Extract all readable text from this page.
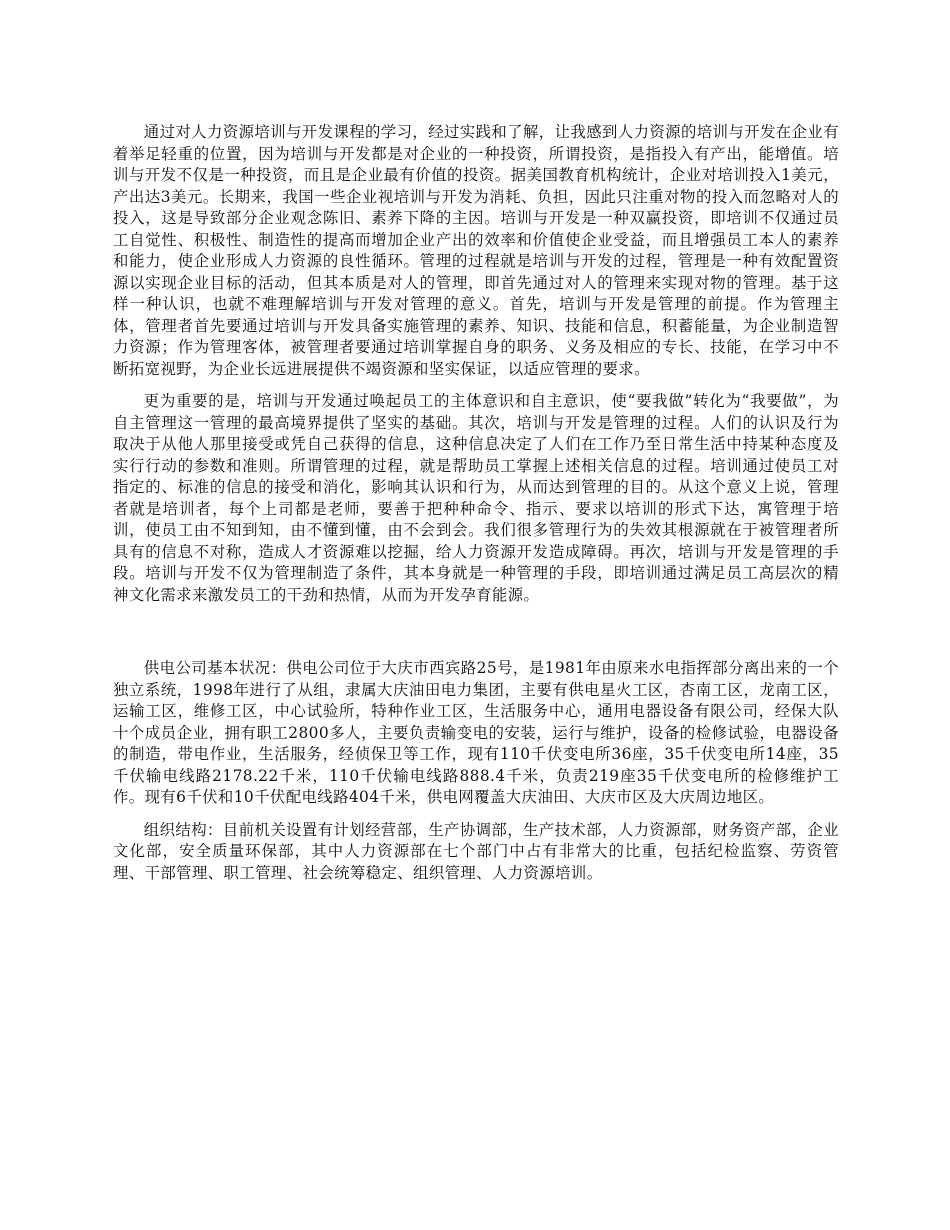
通过对人力资源培训与开发课程的学习，经过实践和了解，让我感到人力资源的培训与开发在企业有着举足轻重的位置，因为培训与开发都是对企业的一种投资，所谓投资，是指投入有产出，能增值。培训与开发不仅是一种投资，而且是企业最有价值的投资。据美国教育机构统计，企业对培训投入1美元，产出达3美元。长期来，我国一些企业视培训与开发为消耗、负担，因此只注重对物的投入而忽略对人的投入，这是导致部分企业观念陈旧、素养下降的主因。培训与开发是一种双赢投资，即培训不仅通过员工自觉性、积极性、制造性的提高而增加企业产出的效率和价值使企业受益，而且增强员工本人的素养和能力，使企业形成人力资源的良性循环。管理的过程就是培训与开发的过程，管理是一种有效配置资源以实现企业目标的活动，但其本质是对人的管理，即首先通过对人的管理来实现对物的管理。基于这样一种认识，也就不难理解培训与开发对管理的意义。首先，培训与开发是管理的前提。作为管理主体，管理者首先要通过培训与开发具备实施管理的素养、知识、技能和信息，积蓄能量，为企业制造智力资源；作为管理客体，被管理者要通过培训掌握自身的职务、义务及相应的专长、技能，在学习中不断拓宽视野，为企业长远进展提供不竭资源和坚实保证，以适应管理的要求。

更为重要的是，培训与开发通过唤起员工的主体意识和自主意识，使“要我做”转化为“我要做”，为自主管理这一管理的最高境界提供了坚实的基础。其次，培训与开发是管理的过程。人们的认识及行为取决于从他人那里接受或凭自己获得的信息，这种信息决定了人们在工作乃至日常生活中持某种态度及实行行动的参数和准则。所谓管理的过程，就是帮助员工掌握上述相关信息的过程。培训通过使员工对指定的、标准的信息的接受和消化，影响其认识和行为，从而达到管理的目的。从这个意义上说，管理者就是培训者，每个上司都是老师，要善于把种种命令、指示、要求以培训的形式下达，寓管理于培训，使员工由不知到知，由不懂到懂，由不会到会。我们很多管理行为的失效其根源就在于被管理者所具有的信息不对称，造成人才资源难以挖掘，给人力资源开发造成障碍。再次，培训与开发是管理的手段。培训与开发不仅为管理制造了条件，其本身就是一种管理的手段，即培训通过满足员工高层次的精神文化需求来激发员工的干劲和热情，从而为开发孕育能源。

供电公司基本状况：供电公司位于大庆市西宾路25号，是1981年由原来水电指挥部分离出来的一个独立系统，1998年进行了从组，隶属大庆油田电力集团，主要有供电星火工区，杏南工区，龙南工区，运输工区，维修工区，中心试验所，特种作业工区，生活服务中心，通用电器设备有限公司，经保大队十个成员企业，拥有职工2800多人，主要负责输变电的安装，运行与维护，设备的检修试验，电器设备的制造，带电作业，生活服务，经侦保卫等工作，现有110千伏变电所36座，35千伏变电所14座，35千伏输电线路2178.22千米，110千伏输电线路888.4千米，负责219座35千伏变电所的检修维护工作。现有6千伏和10千伏配电线路404千米，供电网覆盖大庆油田、大庆市区及大庆周边地区。

组织结构：目前机关设置有计划经营部，生产协调部，生产技术部，人力资源部，财务资产部，企业文化部，安全质量环保部，其中人力资源部在七个部门中占有非常大的比重，包括纪检监察、劳资管理、干部管理、职工管理、社会统筹稳定、组织管理、人力资源培训。
